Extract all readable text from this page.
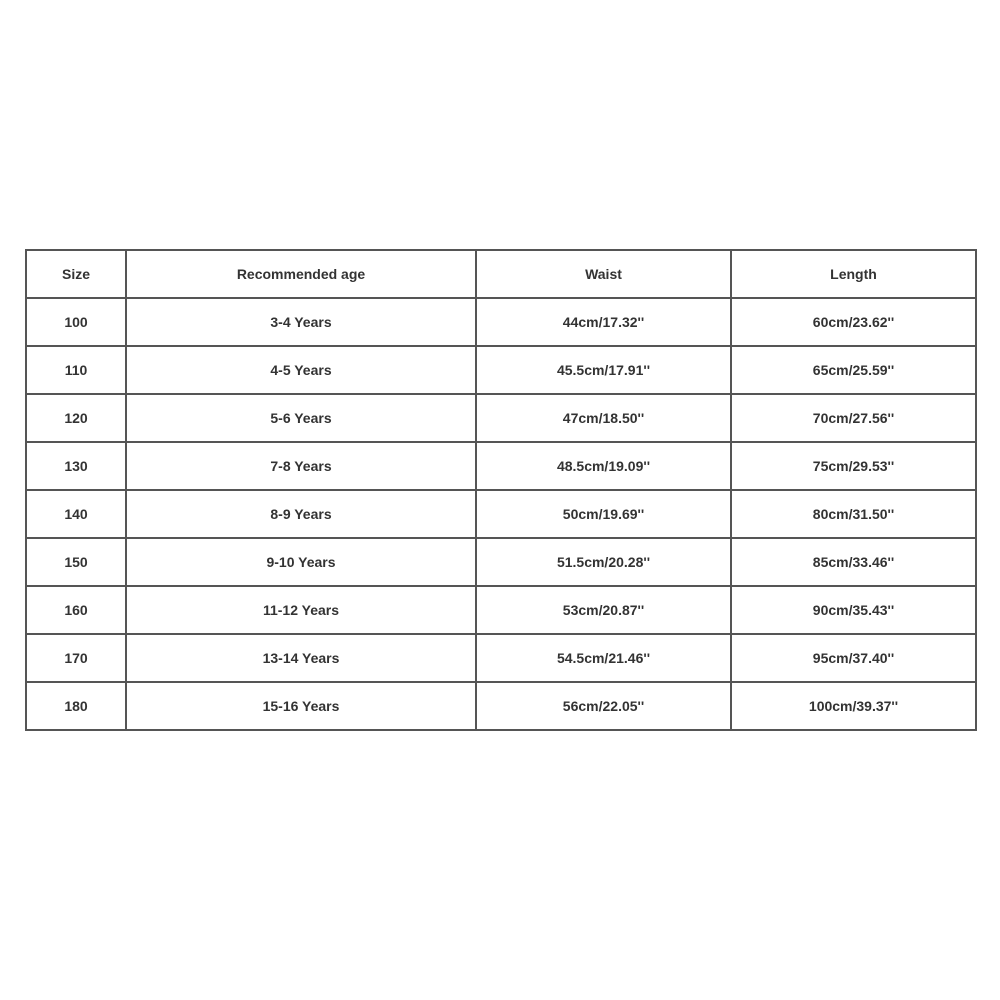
Size	Recommended age	Waist	Length
100	3-4 Years	44cm/17.32''	60cm/23.62''
110	4-5 Years	45.5cm/17.91''	65cm/25.59''
120	5-6 Years	47cm/18.50''	70cm/27.56''
130	7-8 Years	48.5cm/19.09''	75cm/29.53''
140	8-9 Years	50cm/19.69''	80cm/31.50''
150	9-10 Years	51.5cm/20.28''	85cm/33.46''
160	11-12 Years	53cm/20.87''	90cm/35.43''
170	13-14 Years	54.5cm/21.46''	95cm/37.40''
180	15-16 Years	56cm/22.05''	100cm/39.37''
